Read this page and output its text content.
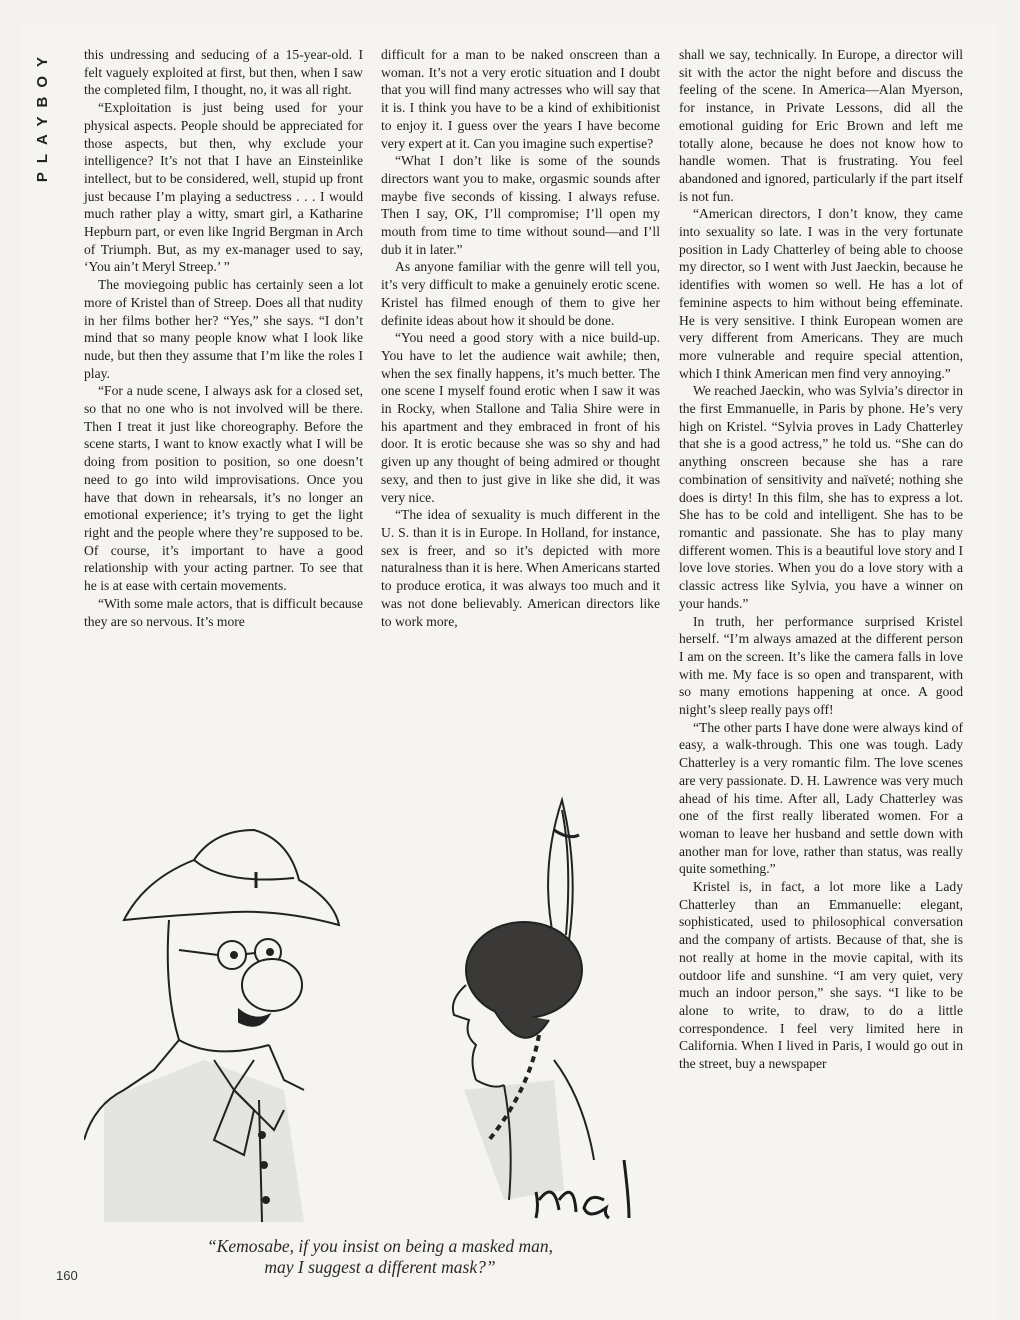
PLAYBOY	this undressing and seducing of a 15-year-old. I felt vaguely exploited at first, but then, when I saw the completed film, I thought, no, it was all right.

“Exploitation is just being used for your physical aspects. People should be appreciated for those aspects, but then, why exclude your intelligence? It’s not that I have an Einsteinlike intellect, but to be considered, well, stupid up front just because I’m playing a seductress . . . I would much rather play a witty, smart girl, a Katharine Hepburn part, or even like Ingrid Bergman in Arch of Triumph. But, as my ex-manager used to say, ‘You ain’t Meryl Streep.’ ”

The moviegoing public has certainly seen a lot more of Kristel than of Streep. Does all that nudity in her films bother her? “Yes,” she says. “I don’t mind that so many people know what I look like nude, but then they assume that I’m like the roles I play.

“For a nude scene, I always ask for a closed set, so that no one who is not involved will be there. Then I treat it just like choreography. Before the scene starts, I want to know exactly what I will be doing from position to position, so one doesn’t need to go into wild improvisations. Once you have that down in rehearsals, it’s no longer an emotional experience; it’s trying to get the light right and the people where they’re supposed to be. Of course, it’s important to have a good relationship with your acting partner. To see that he is at ease with certain movements.

“With some male actors, that is difficult because they are so nervous. It’s more

difficult for a man to be naked onscreen than a woman. It’s not a very erotic situation and I doubt that you will find many actresses who will say that it is. I think you have to be a kind of exhibitionist to enjoy it. I guess over the years I have become very expert at it. Can you imagine such expertise?

“What I don’t like is some of the sounds directors want you to make, orgasmic sounds after maybe five seconds of kissing. I always refuse. Then I say, OK, I’ll compromise; I’ll open my mouth from time to time without sound—and I’ll dub it in later.”

As anyone familiar with the genre will tell you, it’s very difficult to make a genuinely erotic scene. Kristel has filmed enough of them to give her definite ideas about how it should be done.

“You need a good story with a nice build-up. You have to let the audience wait awhile; then, when the sex finally happens, it’s much better. The one scene I myself found erotic when I saw it was in Rocky, when Stallone and Talia Shire were in his apartment and they embraced in front of his door. It is erotic because she was so shy and had given up any thought of being admired or thought sexy, and then to just give in like she did, it was very nice.

“The idea of sexuality is much different in the U. S. than it is in Europe. In Holland, for instance, sex is freer, and so it’s depicted with more naturalness than it is here. When Americans started to produce erotica, it was always too much and it was not done believably. American directors like to work more,

shall we say, technically. In Europe, a director will sit with the actor the night before and discuss the feeling of the scene. In America—Alan Myerson, for instance, in Private Lessons, did all the emotional guiding for Eric Brown and left me totally alone, because he does not know how to handle women. That is frustrating. You feel abandoned and ignored, particularly if the part itself is not fun.

“American directors, I don’t know, they came into sexuality so late. I was in the very fortunate position in Lady Chatterley of being able to choose my director, so I went with Just Jaeckin, because he identifies with women so well. He has a lot of feminine aspects to him without being effeminate. He is very sensitive. I think European women are very different from Americans. They are much more vulnerable and require special attention, which I think American men find very annoying.”

We reached Jaeckin, who was Sylvia’s director in the first Emmanuelle, in Paris by phone. He’s very high on Kristel. “Sylvia proves in Lady Chatterley that she is a good actress,” he told us. “She can do anything onscreen because she has a rare combination of sensitivity and naïveté; nothing she does is dirty! In this film, she has to express a lot. She has to be cold and intelligent. She has to be romantic and passionate. She has to play many different women. This is a beautiful love story and I love love stories. When you do a love story with a classic actress like Sylvia, you have a winner on your hands.”

In truth, her performance surprised Kristel herself. “I’m always amazed at the different person I am on the screen. It’s like the camera falls in love with me. My face is so open and transparent, with so many emotions happening at once. A good night’s sleep really pays off!

“The other parts I have done were always kind of easy, a walk-through. This one was tough. Lady Chatterley is a very romantic film. The love scenes are very passionate. D. H. Lawrence was very much ahead of his time. After all, Lady Chatterley was one of the first really liberated women. For a woman to leave her husband and settle down with another man for love, rather than status, was really quite something.”

Kristel is, in fact, a lot more like a Lady Chatterley than an Emmanuelle: elegant, sophisticated, used to philosophical conversation and the company of artists. Because of that, she is not really at home in the movie capital, with its outdoor life and sunshine. “I am very quiet, very much an indoor person,” she says. “I like to be alone to write, to draw, to do a little correspondence. I feel very limited here in California. When I lived in Paris, I would go out in the street, buy a newspaper

“Kemosabe, if you insist on being a masked man,
may I suggest a different mask?”
160
